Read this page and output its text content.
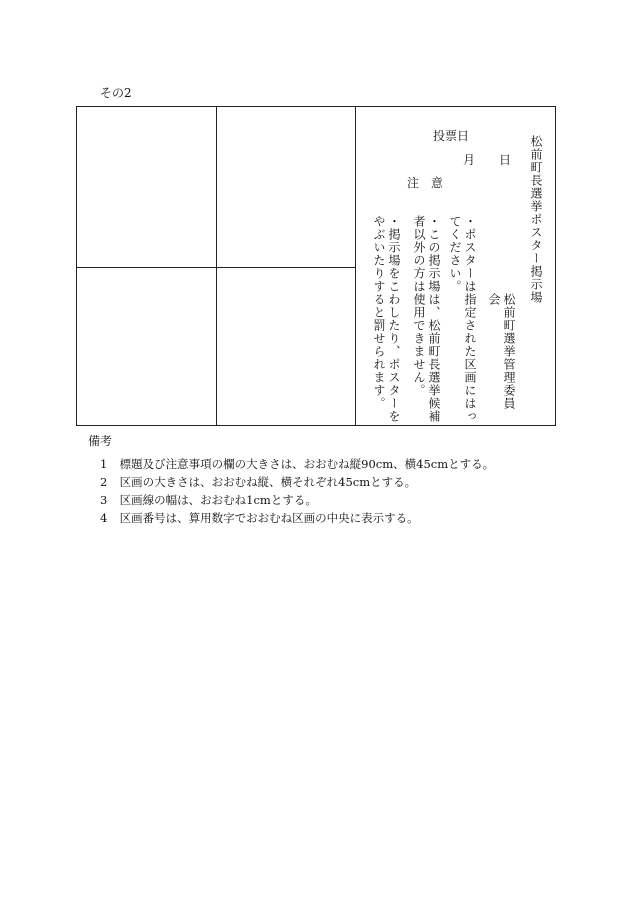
その2
松前町長選挙ポスター掲示場
投票日
月 日
注　意
松前町選挙管理委員会
・ポスターは指定された区画にはってください。
・この掲示場は、松前町長選挙候補者以外の方は使用できません。
・掲示場をこわしたり、ポスターをやぶいたりすると罰せられます。
備考
1 標題及び注意事項の欄の大きさは、おおむね縦90cm、横45cmとする。
2 区画の大きさは、おおむね縦、横それぞれ45cmとする。
3 区画線の幅は、おおむね1cmとする。
4 区画番号は、算用数字でおおむね区画の中央に表示する。
